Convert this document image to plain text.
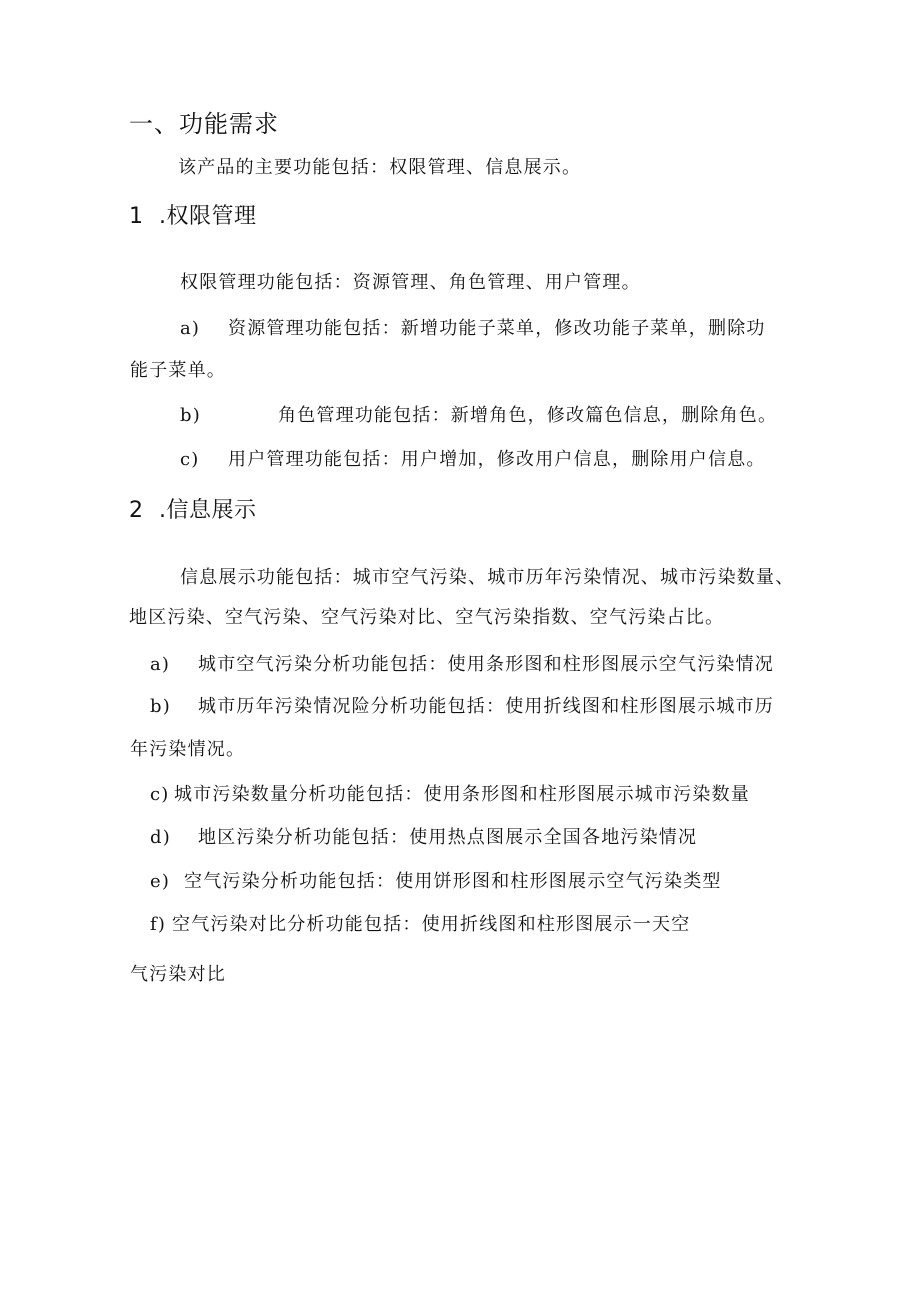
一、功能需求
该产品的主要功能包括：权限管理、信息展示。
1 .权限管理
权限管理功能包括：资源管理、角色管理、用户管理。
a) 资源管理功能包括：新增功能子菜单，修改功能子菜单，删除功
能子菜单。
b)	角色管理功能包括：新增角色，修改篇色信息，删除角色。
c) 用户管理功能包括：用户增加，修改用户信息，删除用户信息。
2 .信息展示
信息展示功能包括：城市空气污染、城市历年污染情况、城市污染数量、
地区污染、空气污染、空气污染对比、空气污染指数、空气污染占比。
a) 城市空气污染分析功能包括：使用条形图和柱形图展示空气污染情况
b) 城市历年污染情况险分析功能包括：使用折线图和柱形图展示城市历
年污染情况。
c) 城市污染数量分析功能包括：使用条形图和柱形图展示城市污染数量
d) 地区污染分析功能包括：使用热点图展示全国各地污染情况
e) 空气污染分析功能包括：使用饼形图和柱形图展示空气污染类型
f) 空气污染对比分析功能包括：使用折线图和柱形图展示一天空
气污染对比
